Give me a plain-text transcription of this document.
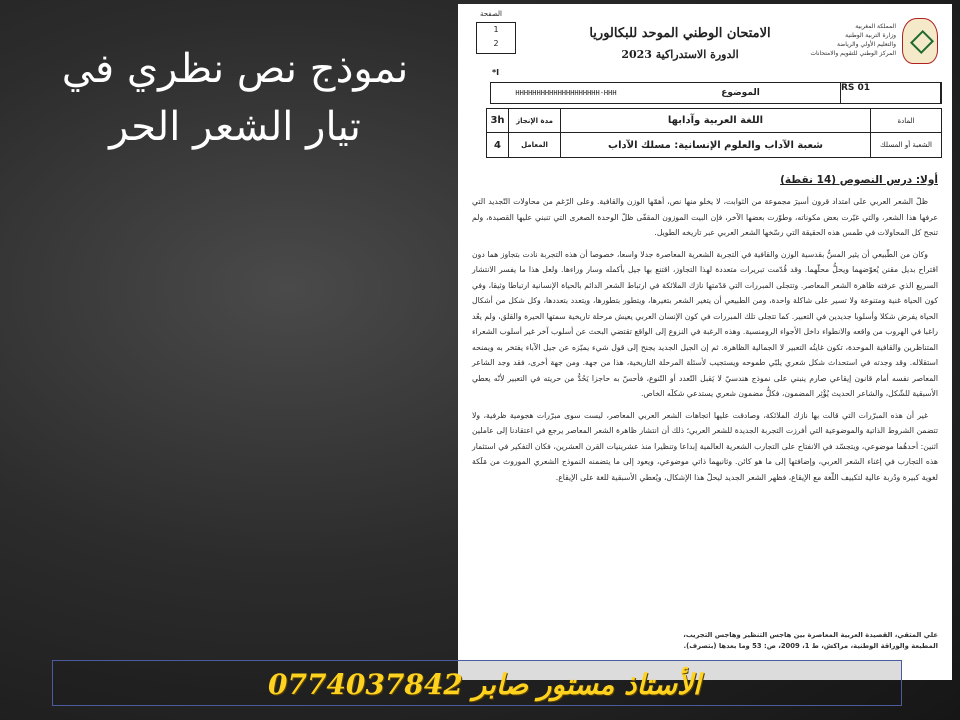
نموذج نص نظري في
تيار الشعر الحر
الصفحة
1
2
*I
الامتحان الوطني الموحد للبكالوريا
الدورة الاستدراكية 2023
المملكة المغربية
وزارة التربية الوطنية
والتعليم الأولي والرياضة
المركز الوطني للتقويم والامتحانات
HHHHHHHHHHHHHHHHHHHH-HHH	الموضوع	RS 01
3h	مدة الإنجاز	اللغة العربية وآدابها	المادة
4	المعامل	شعبة الآداب والعلوم الإنسانية: مسلك الآداب	الشعبة أو المسلك
أولا: درس النصوص (14 نقطة)

ظلّ الشعر العربي على امتداد قرون أسيرَ مجموعة من الثوابت، لا يخلو منها نص، أهمّها الوزن والقافية. وعلى الرّغم من محاولات التّجديد التي عرفها هذا الشعر، والتي غيّرت بعض مكوناته، وطوّرت بعضها الآخر، فإن البيت الموزون المقفّى ظلّ الوحدة الصغرى التي تنبني عليها القصيدة، ولم تنجح كل المحاولات في طمس هذه الحقيقة التي رسّخها الشعر العربي عبر تاريخه الطويل.

وكان من الطّبيعي أن يثير المسُّ بقدسية الوزن والقافية في التجربة الشعرية المعاصرة جدلا واسعا، خصوصا أن هذه التجربة نادت بتجاوز هما دون اقتراح بديل مقنن يُعوّضهما ويحلُّ محلّهما. وقد قُدّمت تبريرات متعددة لهذا التجاوز، اقتنع بها جيل بأكمله وسار وراءها. ولعل هذا ما يفسر الانتشار السريع الذي عرفته ظاهرة الشعر المعاصر. وتتجلى المبررات التي قدّمتها نازك الملائكة في ارتباط الشعر الدائم بالحياة الإنسانية ارتباطا وثيقا، وفي كون الحياة غنية ومتنوعة ولا تسير على شاكلة واحدة، ومن الطبيعي أن يتغير الشعر بتغيرها، ويتطور بتطورها، ويتعدد بتعددها، وكل شكل من أشكال الحياة يفرض شكلا وأسلوبا جديدين في التعبير. كما تتجلى تلك المبررات في كون الإنسان العربي يعيش مرحلة تاريخية سمتها الحيرة والقلق، ولم يعُد راغبا في الهروب من واقعه والانطواء داخل الأجواء الرومنسية. وهذه الرغبة في النزوع إلى الواقع تقتضي البحث عن أسلوب آخر غير أسلوب الشعراء المتناظرين والقافية الموحدة، تكون غايتُه التعبير لا الجمالية الظاهرة. ثم إن الجيل الجديد يجنح إلى قول شيء يميّزه عن جيل الآباء يفتخر به ويمنحه استقلاله. وقد وجدته في استحداث شكل شعري يلبّي طموحه ويستجيب لأسئلة المرحلة التاريخية، هذا من جهة. ومن جهة أخرى، فقد وجد الشاعر المعاصر نفسه أمام قانون إيقاعي صارم ينبني على نموذج هندسيّ لا يَقبل التّعدد أو التّنوع، فأحسّ به حاجزا يَحُدُّ من حريته في التعبير لأنّه يعطي الأسبقية للشّكل، والشاعر الحديث يُؤْثِر المضمون، فكلُّ مضمون شعري يستدعي شكلَه الخاص.

غير أن هذه المبرّرات التي قالت بها نازك الملائكة، وصادقت عليها اتجاهات الشعر العربي المعاصر، ليست سوى مبرّرات هجومية ظرفية، ولا تتضمن الشروط الذاتية والموضوعية التي أفرزت التجربة الجديدة للشعر العربي؛ ذلك أن انتشار ظاهرة الشعر المعاصر يرجع في اعتقادنا إلى عاملين اثنين: أحدهُما موضوعي، ويتجسّد في الانفتاح على التجارب الشعرية العالمية إبداعا وتنظيرا منذ عشرينيات القرن العشرين، فكان التفكير في استثمار هذه التجارب في إغناء الشعر العربي، وإضافتها إلى ما هو كائن. وثانيهما ذاتي موضوعي، ويعود إلى ما يتضمنه النموذج الشعري الموروث من مَلَكة لغوية كبيرة ودُربة عالية لتكييف اللّغة مع الإيقاع، فظهر الشعر الجديد ليحلّ هذا الإشكال، ويُعطي الأسبقية للغة على الإيقاع.

علي المتقي، القصيدة العربية المعاصرة بين هاجس التنظير وهاجس التجريب،
المطبعة والوراقة الوطنية، مراكش، ط 1، 2009، ص: 53 وما بعدها (بتصرف).
الأستاذ مستور صابر 0774037842
